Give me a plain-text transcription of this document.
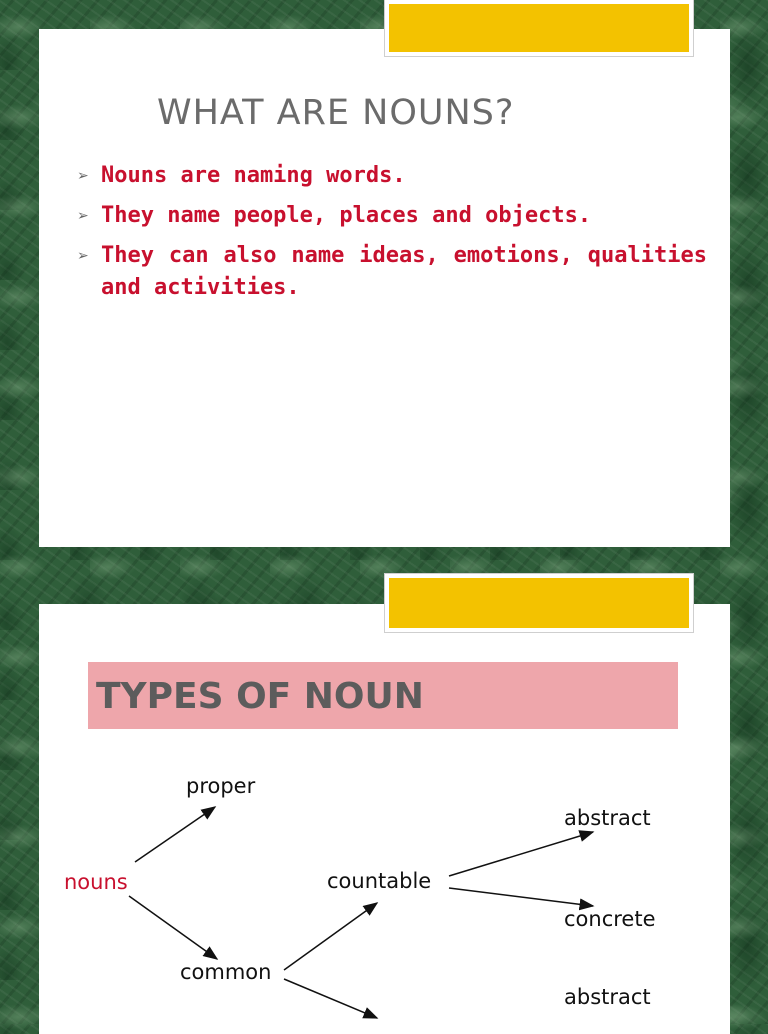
WHAT ARE NOUNS?
➢ Nouns are naming words.
➢ They name people, places and objects.
➢ They can also name ideas, emotions, qualities and activities.
TYPES OF NOUN
nouns
proper
common
countable
abstract
concrete
abstract
